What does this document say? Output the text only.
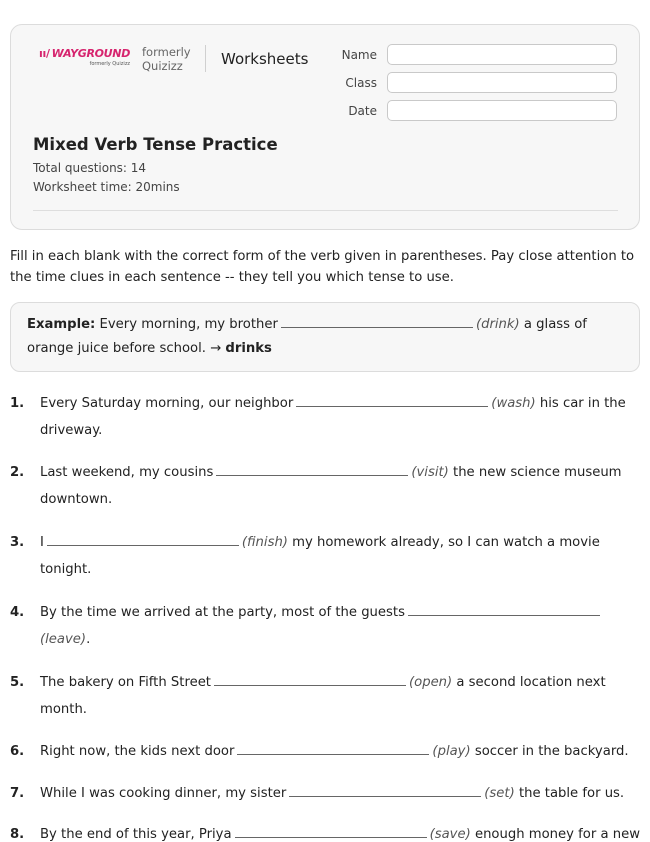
ıı/ WAYGROUND
formerly Quizizz
formerly
Quizizz	Worksheets	Name
Class
Date
Mixed Verb Tense Practice
Total questions: 14
Worksheet time: 20mins
Fill in each blank with the correct form of the verb given in parentheses. Pay close attention to the time clues in each sentence -- they tell you which tense to use.
Example: Every morning, my brother	(drink) a glass of orange juice before school. → drinks
1. Every Saturday morning, our neighbor	(wash) his car in the driveway.
2. Last weekend, my cousins	(visit) the new science museum downtown.
3. I	(finish) my homework already, so I can watch a movie tonight.
4. By the time we arrived at the party, most of the guests(leave).
5. The bakery on Fifth Street	(open) a second location next month.
6. Right now, the kids next door	(play) soccer in the backyard.
7. While I was cooking dinner, my sister	(set) the table for us.
8. By the end of this year, Priya	(save) enough money for a new
